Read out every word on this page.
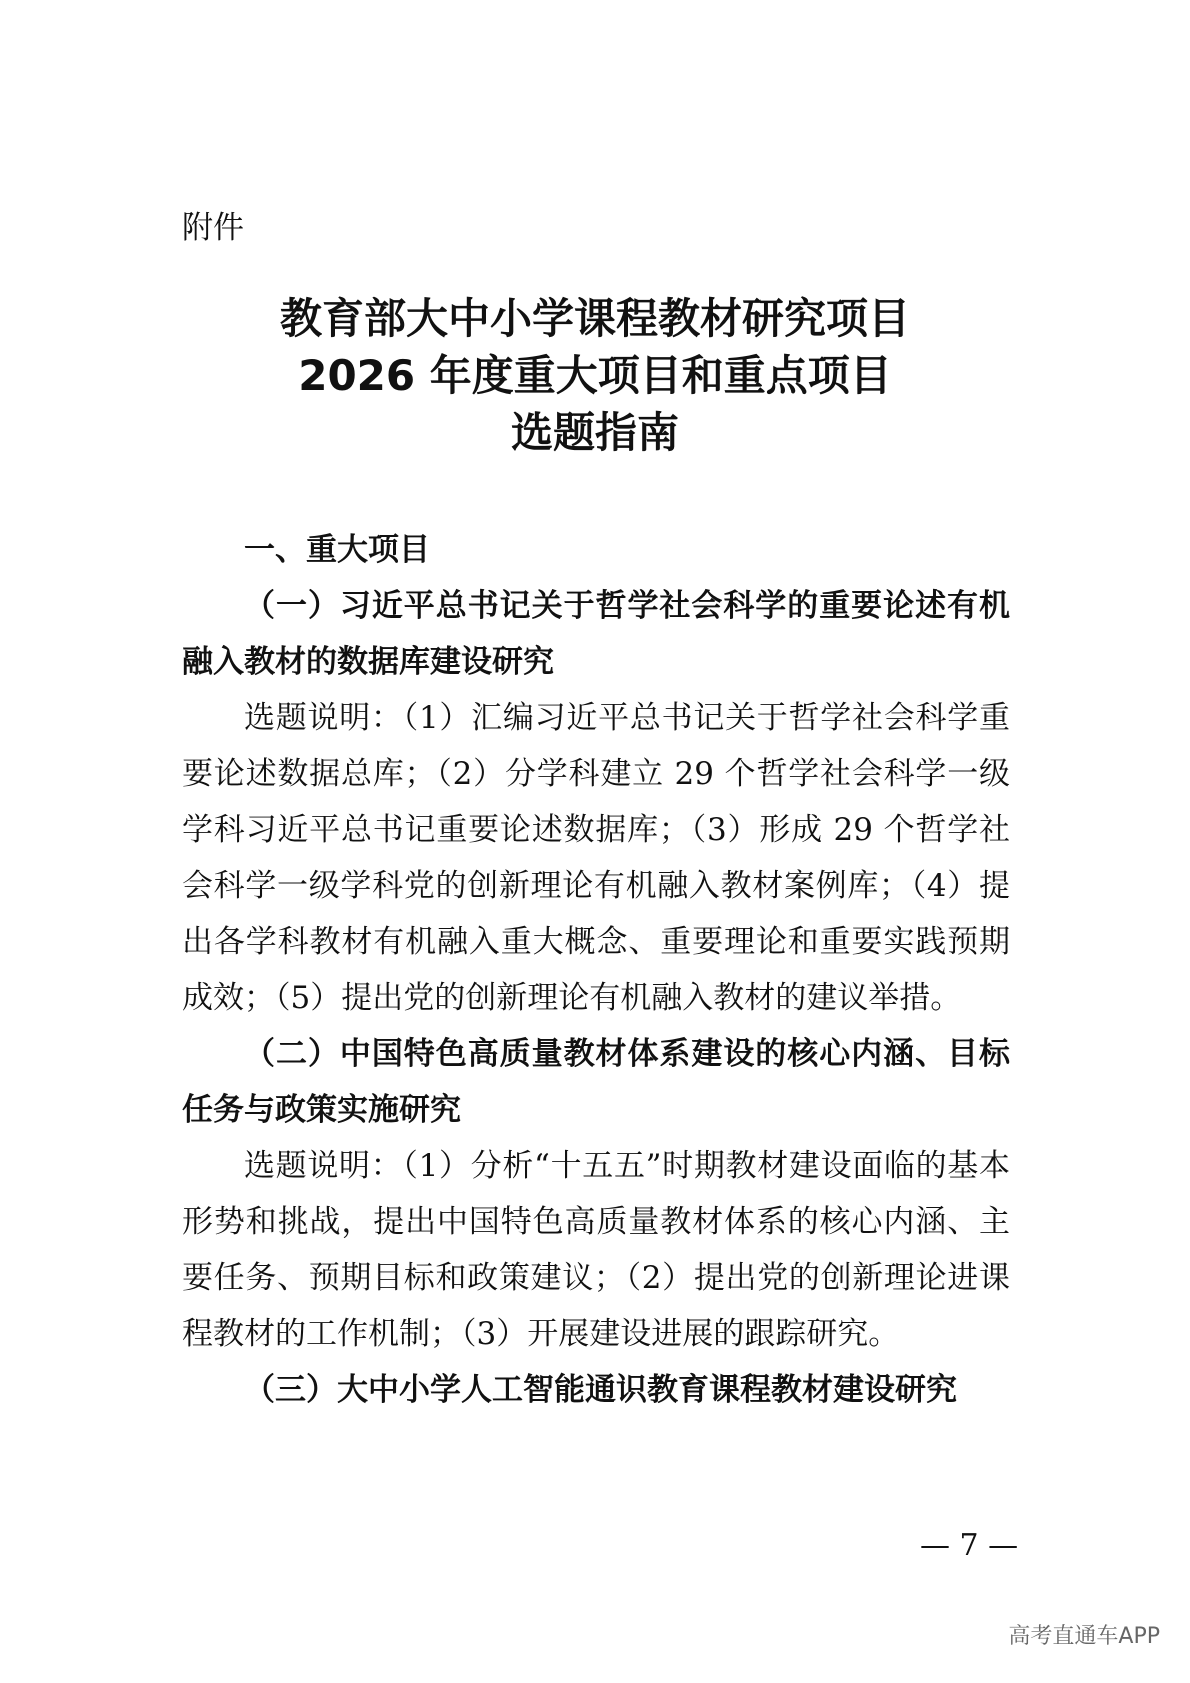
附件
教育部大中小学课程教材研究项目
2026 年度重大项目和重点项目
选题指南

一、重大项目

（一）习近平总书记关于哲学社会科学的重要论述有机融入教材的数据库建设研究

选题说明：（1）汇编习近平总书记关于哲学社会科学重要论述数据总库；（2）分学科建立 29 个哲学社会科学一级学科习近平总书记重要论述数据库；（3）形成 29 个哲学社会科学一级学科党的创新理论有机融入教材案例库；（4）提出各学科教材有机融入重大概念、重要理论和重要实践预期成效；（5）提出党的创新理论有机融入教材的建议举措。

（二）中国特色高质量教材体系建设的核心内涵、目标任务与政策实施研究

选题说明：（1）分析“十五五”时期教材建设面临的基本形势和挑战，提出中国特色高质量教材体系的核心内涵、主要任务、预期目标和政策建议；（2）提出党的创新理论进课程教材的工作机制；（3）开展建设进展的跟踪研究。

（三）大中小学人工智能通识教育课程教材建设研究

— 7 —
高考直通车APP
